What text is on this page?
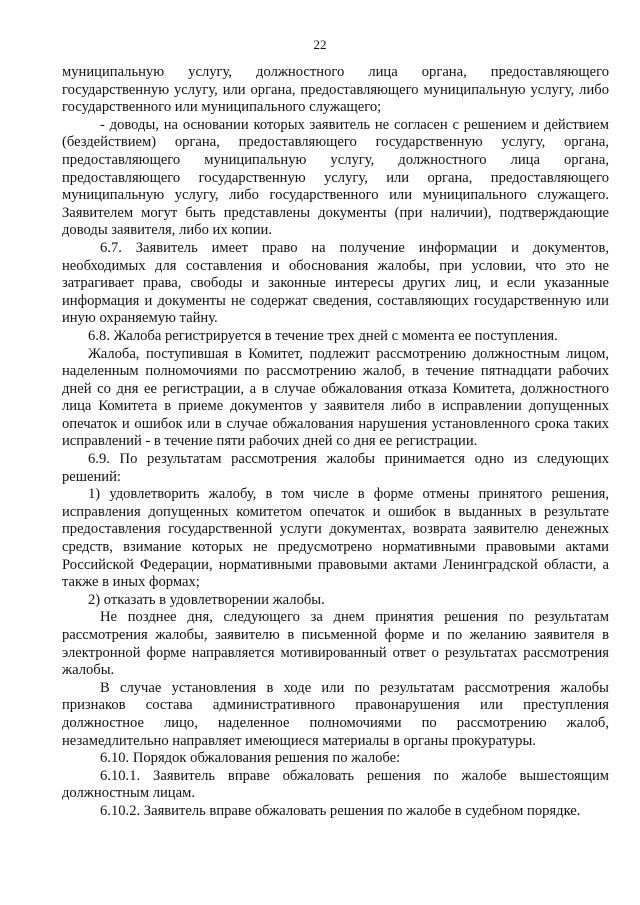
22

муниципальную услугу, должностного лица органа, предоставляющего государственную услугу, или органа, предоставляющего муниципальную услугу, либо государственного или муниципального служащего;

- доводы, на основании которых заявитель не согласен с решением и действием (бездействием) органа, предоставляющего государственную услугу, органа, предоставляющего муниципальную услугу, должностного лица органа, предоставляющего государственную услугу, или органа, предоставляющего муниципальную услугу, либо государственного или муниципального служащего. Заявителем могут быть представлены документы (при наличии), подтверждающие доводы заявителя, либо их копии.

6.7. Заявитель имеет право на получение информации и документов, необходимых для составления и обоснования жалобы, при условии, что это не затрагивает права, свободы и законные интересы других лиц, и если указанные информация и документы не содержат сведения, составляющих государственную или иную охраняемую тайну.

6.8. Жалоба регистрируется в течение трех дней с момента ее поступления.

Жалоба, поступившая в Комитет, подлежит рассмотрению должностным лицом, наделенным полномочиями по рассмотрению жалоб, в течение пятнадцати рабочих дней со дня ее регистрации, а в случае обжалования отказа Комитета, должностного лица Комитета в приеме документов у заявителя либо в исправлении допущенных опечаток и ошибок или в случае обжалования нарушения установленного срока таких исправлений - в течение пяти рабочих дней со дня ее регистрации.

6.9. По результатам рассмотрения жалобы принимается одно из следующих решений:

1) удовлетворить жалобу, в том числе в форме отмены принятого решения, исправления допущенных комитетом опечаток и ошибок в выданных в результате предоставления государственной услуги документах, возврата заявителю денежных средств, взимание которых не предусмотрено нормативными правовыми актами Российской Федерации, нормативными правовыми актами Ленинградской области, а также в иных формах;

2) отказать в удовлетворении жалобы.

Не позднее дня, следующего за днем принятия решения по результатам рассмотрения жалобы, заявителю в письменной форме и по желанию заявителя в электронной форме направляется мотивированный ответ о результатах рассмотрения жалобы.

В случае установления в ходе или по результатам рассмотрения жалобы признаков состава административного правонарушения или преступления должностное лицо, наделенное полномочиями по рассмотрению жалоб, незамедлительно направляет имеющиеся материалы в органы прокуратуры.

6.10. Порядок обжалования решения по жалобе:

6.10.1. Заявитель вправе обжаловать решения по жалобе вышестоящим должностным лицам.

6.10.2. Заявитель вправе обжаловать решения по жалобе в судебном порядке.
